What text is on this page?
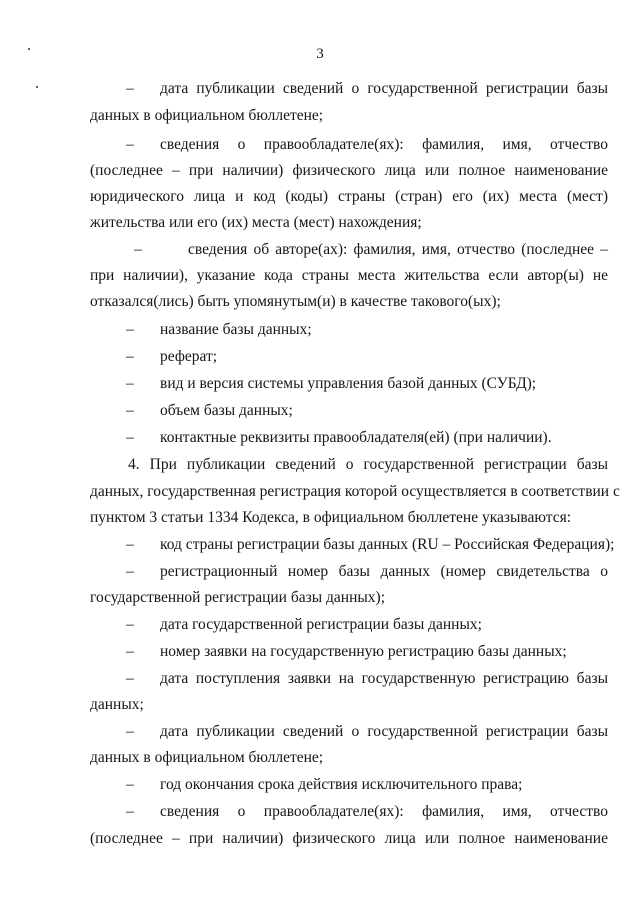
3
–	дата публикации сведений о государственной регистрации базы
данных в официальном бюллетене;
–	сведения о правообладателе(ях): фамилия, имя, отчество
(последнее – при наличии) физического лица или полное наименование
юридического лица и код (коды) страны (стран) его (их) места (мест)
жительства или его (их) места (мест) нахождения;
–	сведения об авторе(ах): фамилия, имя, отчество (последнее –
при наличии), указание кода страны места жительства если автор(ы) не
отказался(лись) быть упомянутым(и) в качестве такового(ых);
–	название базы данных;
–	реферат;
–	вид и версия системы управления базой данных (СУБД);
–	объем базы данных;
–	контактные реквизиты правообладателя(ей) (при наличии).
4. При публикации сведений о государственной регистрации базы
данных, государственная регистрация которой осуществляется в соответствии с
пунктом 3 статьи 1334 Кодекса, в официальном бюллетене указываются:
–	код страны регистрации базы данных (RU – Российская Федерация);
–	регистрационный номер базы данных (номер свидетельства о
государственной регистрации базы данных);
–	дата государственной регистрации базы данных;
–	номер заявки на государственную регистрацию базы данных;
–	дата поступления заявки на государственную регистрацию базы
данных;
–	дата публикации сведений о государственной регистрации базы
данных в официальном бюллетене;
–	год окончания срока действия исключительного права;
–	сведения о правообладателе(ях): фамилия, имя, отчество
(последнее – при наличии) физического лица или полное наименование
